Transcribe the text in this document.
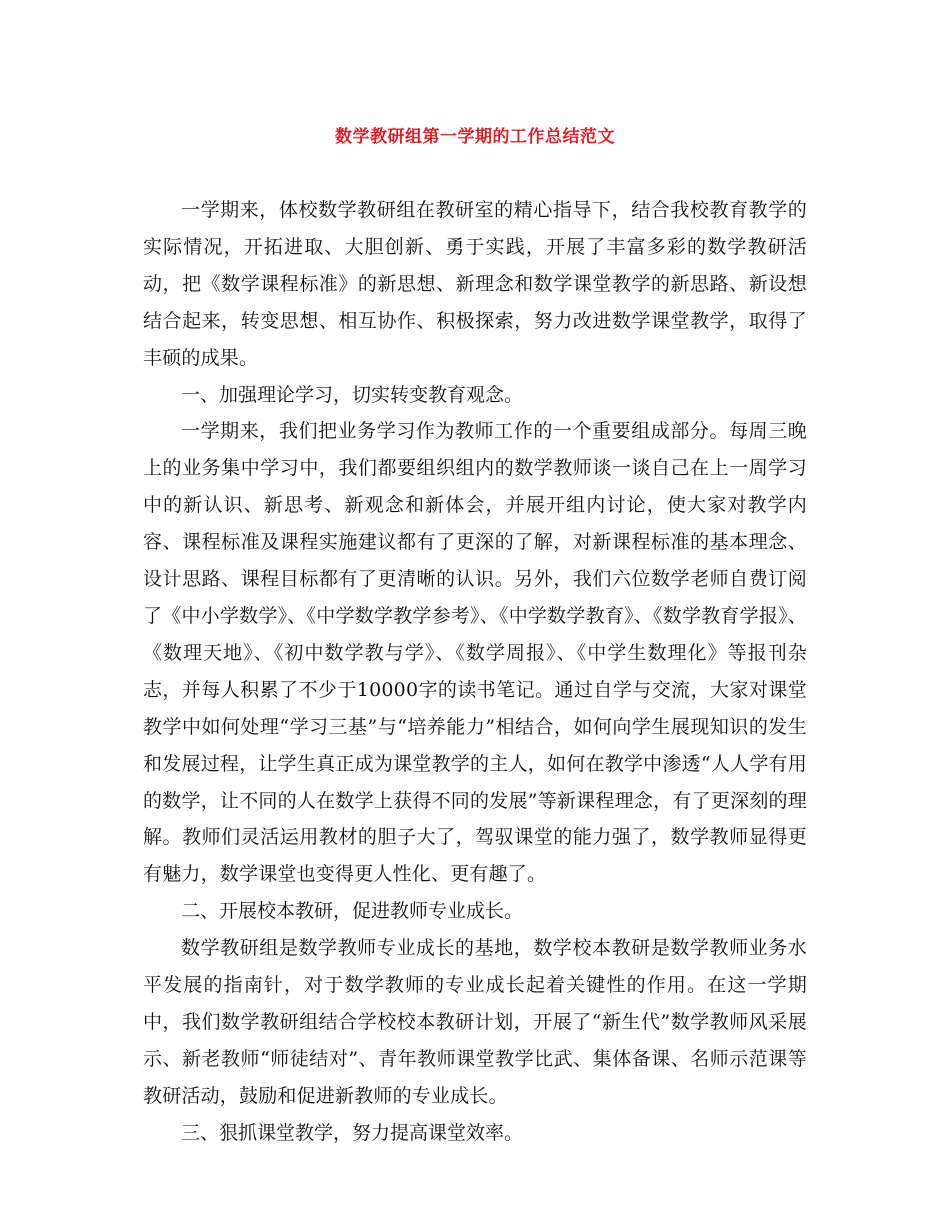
数学教研组第一学期的工作总结范文

一学期来，体校数学教研组在教研室的精心指导下，结合我校教育教学的实际情况，开拓进取、大胆创新、勇于实践，开展了丰富多彩的数学教研活动，把《数学课程标准》的新思想、新理念和数学课堂教学的新思路、新设想结合起来，转变思想、相互协作、积极探索，努力改进数学课堂教学，取得了丰硕的成果。

一、加强理论学习，切实转变教育观念。

一学期来，我们把业务学习作为教师工作的一个重要组成部分。每周三晚上的业务集中学习中，我们都要组织组内的数学教师谈一谈自己在上一周学习中的新认识、新思考、新观念和新体会，并展开组内讨论，使大家对教学内容、课程标准及课程实施建议都有了更深的了解，对新课程标准的基本理念、设计思路、课程目标都有了更清晰的认识。另外，我们六位数学老师自费订阅了《中小学数学》、《中学数学教学参考》、《中学数学教育》、《数学教育学报》、《数理天地》、《初中数学教与学》、《数学周报》、《中学生数理化》等报刊杂志，并每人积累了不少于10000字的读书笔记。通过自学与交流，大家对课堂教学中如何处理“学习三基”与“培养能力”相结合，如何向学生展现知识的发生和发展过程，让学生真正成为课堂教学的主人，如何在教学中渗透“人人学有用的数学，让不同的人在数学上获得不同的发展”等新课程理念，有了更深刻的理解。教师们灵活运用教材的胆子大了，驾驭课堂的能力强了，数学教师显得更有魅力，数学课堂也变得更人性化、更有趣了。

二、开展校本教研，促进教师专业成长。

数学教研组是数学教师专业成长的基地，数学校本教研是数学教师业务水平发展的指南针，对于数学教师的专业成长起着关键性的作用。在这一学期中，我们数学教研组结合学校校本教研计划，开展了“新生代”数学教师风采展示、新老教师“师徒结对”、青年教师课堂教学比武、集体备课、名师示范课等教研活动，鼓励和促进新教师的专业成长。

三、狠抓课堂教学，努力提高课堂效率。
